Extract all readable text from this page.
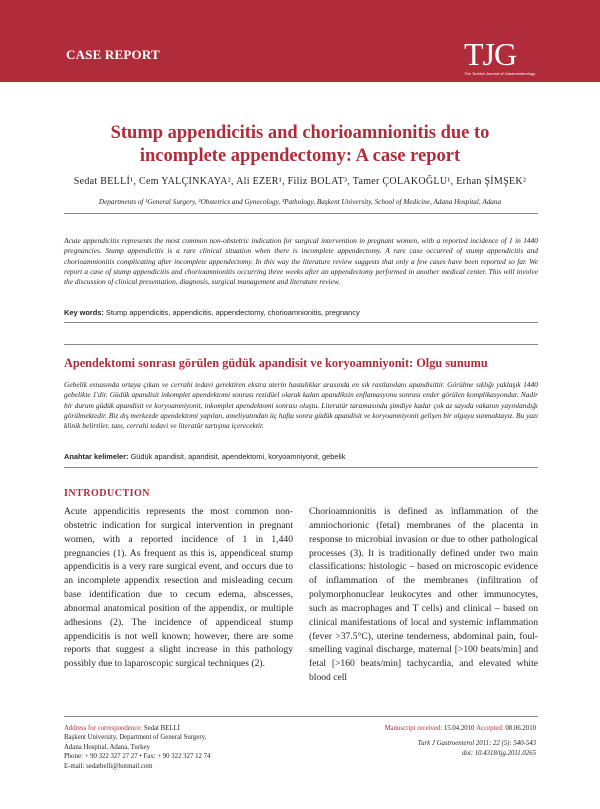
CASE REPORT	TJG
The Turkish Journal of Gastroenterology
Stump appendicitis and chorioamnionitis due to
incomplete appendectomy: A case report
Sedat BELLİ¹, Cem YALÇINKAYA², Ali EZER¹, Filiz BOLAT³, Tamer ÇOLAKOĞLU¹, Erhan ŞİMŞEK²
Departments of ¹General Surgery, ²Obstetrics and Gynecology, ³Pathology, Başkent University, School of Medicine, Adana Hospital, Adana
Acute appendicitis represents the most common non-obstetric indication for surgical intervention in pregnant women, with a reported incidence of 1 in 1440 pregnancies. Stump appendicitis is a rare clinical situation when there is incomplete appendectomy. A rare case occurred of stump appendicitis and chorioamnionitis complicating after incomplete appendectomy. In this way the literature review suggests that only a few cases have been reported so far. We report a case of stump appendicitis and chorioamnionitis occurring three weeks after an appendectomy performed in another medical center. This will involve the discussion of clinical presentation, diagnosis, surgical management and literature review.
Key words: Stump appendicitis, appendicitis, appendectomy, chorioamnionitis, pregnancy
Apendektomi sonrası görülen güdük apandisit ve koryoamniyonit: Olgu sunumu
Gebelik esnasında ortaya çıkan ve cerrahi tedavi gerektiren ekstra uterin hastalıklar arasında en sık rastlanılanı apandisittir. Görülme sıklığı yaklaşık 1440 gebelikte 1'dir. Güdük apandisit inkomplet apendektomi sonrası rezidüel olarak kalan apandiksin enflamasyonu sonrası ender görülen komplikasyondur. Nadir bir durum güdük apandisit ve koryoamniyonit, inkomplet apendektomi sonrası oluştu. Literatür taramasında şimdiye kadar çok az sayıda vakanın yayınlandığı görülmektedir. Biz dış merkezde apendektomi yapılan, ameliyatından üç hafta sonra güdük apandisit ve koryoamniyonit gelişen bir olguyu sunmaktayız. Bu yazı klinik belirtiler, tanı, cerrahi tedavi ve literatür tartışma içerecektir.
Anahtar kelimeler: Güdük apandisit, apandisit, apendektomi, koryoamniyonit, gebelik
INTRODUCTION

Acute appendicitis represents the most common non-obstetric indication for surgical intervention in pregnant women, with a reported incidence of 1 in 1,440 pregnancies (1). As frequent as this is, appendiceal stump appendicitis is a very rare surgical event, and occurs due to an incomplete appendix resection and misleading cecum base identification due to cecum edema, abscesses, abnormal anatomical position of the appendix, or multiple adhesions (2). The incidence of appendiceal stump appendicitis is not well known; however, there are some reports that suggest a slight increase in this pathology possibly due to laparoscopic surgical techniques (2).

Chorioamnionitis is defined as inflammation of the amniochorionic (fetal) membranes of the placenta in response to microbial invasion or due to other pathological processes (3). It is traditionally defined under two main classifications: histologic – based on microscopic evidence of inflammation of the membranes (infiltration of polymorphonuclear leukocytes and other immunocytes, such as macrophages and T cells) and clinical – based on clinical manifestations of local and systemic inflammation (fever >37.5°C), uterine tenderness, abdominal pain, foul-smelling vaginal discharge, maternal [>100 beats/min] and fetal [>160 beats/min] tachycardia, and elevated white blood cell

Address for correspondence: Sedat BELLİ
Başkent University, Department of General Surgery,
Adana Hospital, Adana, Turkey
Phone: + 90 322 327 27 27 • Fax: + 90 322 327 12 74
E-mail: sedatbelli@hotmail.com
Manuscript received: 15.04.2010 Accepted: 08.06.2010
Turk J Gastroenterol 2011; 22 (5): 540-543
doi: 10.4318/tjg.2011.0265
